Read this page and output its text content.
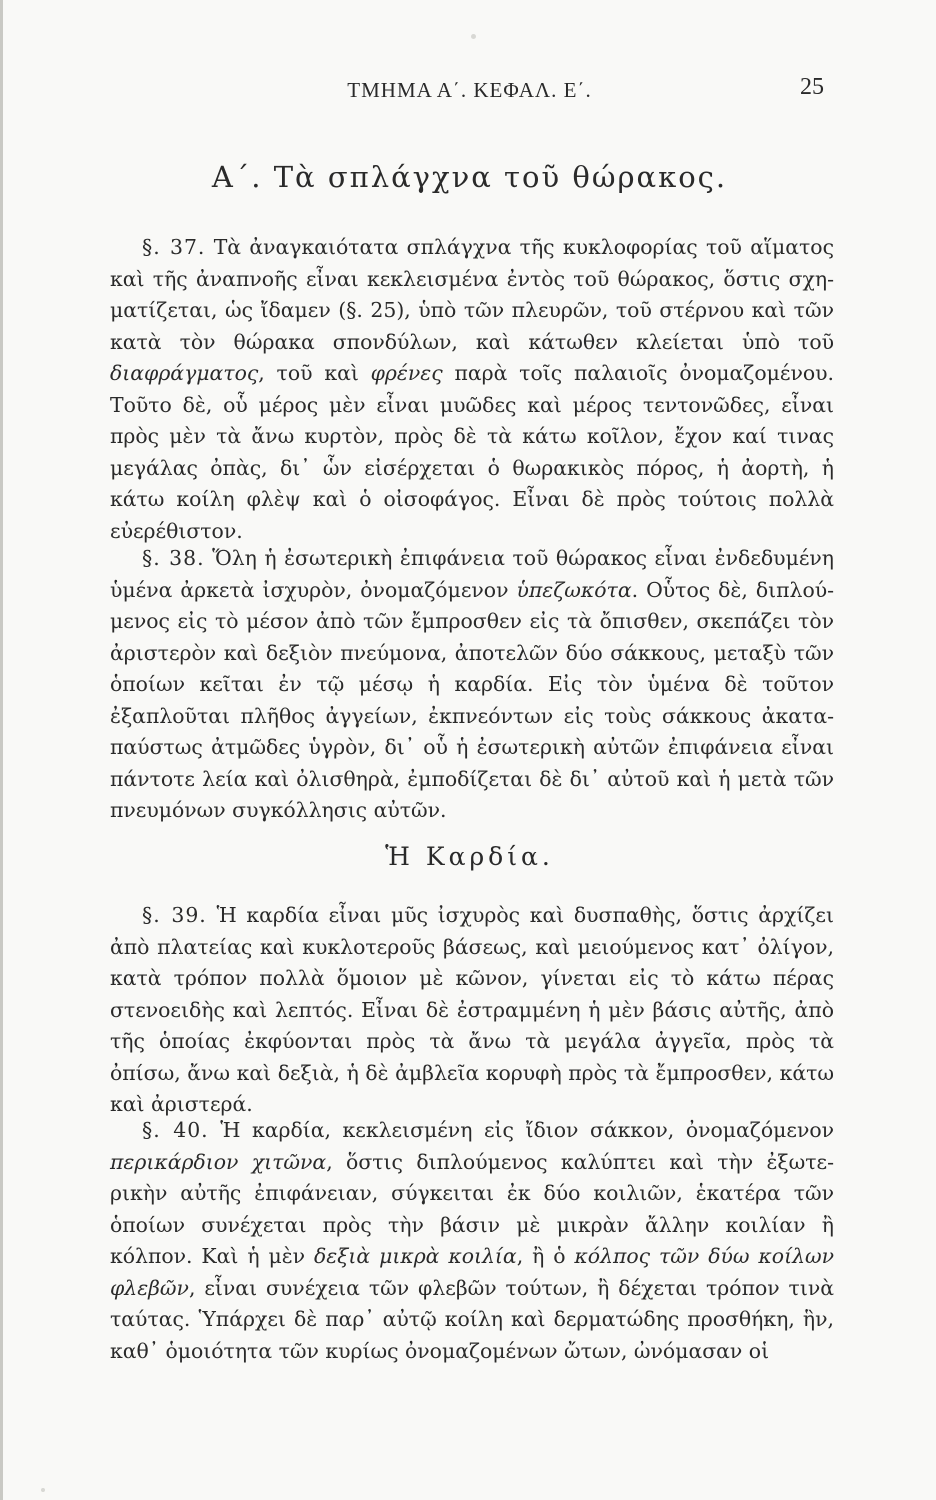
ΤΜΗΜΑ Α΄. ΚΕΦΑΛ. Ε΄.	25
Α΄. Τὰ σπλάγχνα τοῦ θώρακος.

§. 37. Τὰ ἀναγκαιότατα σπλάγχνα τῆς κυκλοφορίας τοῦ αἵματος καὶ τῆς ἀναπνοῆς εἶναι κεκλεισμένα ἐντὸς τοῦ θώρακος, ὅστις σχηματίζεται, ὡς ἴδαμεν (§. 25), ὑπὸ τῶν πλευρῶν, τοῦ στέρνου καὶ τῶν κατὰ τὸν θώρακα σπονδύλων, καὶ κάτωθεν κλείεται ὑπὸ τοῦ διαφράγματος, τοῦ καὶ φρένες παρὰ τοῖς παλαιοῖς ὀνομαζομένου. Τοῦτο δὲ, οὗ μέρος μὲν εἶναι μυῶδες καὶ μέρος τεντονῶδες, εἶναι πρὸς μὲν τὰ ἄνω κυρτὸν, πρὸς δὲ τὰ κάτω κοῖλον, ἔχον καί τινας μεγάλας ὀπὰς, δι᾽ ὧν εἰσέρχεται ὁ θωρακικὸς πόρος, ἡ ἀορτὴ, ἡ κάτω κοίλη φλὲψ καὶ ὁ οἰσοφάγος. Εἶναι δὲ πρὸς τούτοις πολλὰ εὐερέθιστον.

§. 38. Ὅλη ἡ ἐσωτερικὴ ἐπιφάνεια τοῦ θώρακος εἶναι ἐνδεδυμένη ὑμένα ἀρκετὰ ἰσχυρὸν, ὀνομαζόμενον ὑπεζωκότα. Οὗτος δὲ, διπλούμενος εἰς τὸ μέσον ἀπὸ τῶν ἔμπροσθεν εἰς τὰ ὄπισθεν, σκεπάζει τὸν ἀριστερὸν καὶ δεξιὸν πνεύμονα, ἀποτελῶν δύο σάκκους, μεταξὺ τῶν ὁποίων κεῖται ἐν τῷ μέσῳ ἡ καρδία. Εἰς τὸν ὑμένα δὲ τοῦτον ἐξαπλοῦται πλῆθος ἀγγείων, ἐκπνεόντων εἰς τοὺς σάκκους ἀκαταπαύστως ἀτμῶδες ὑγρὸν, δι᾽ οὗ ἡ ἐσωτερικὴ αὐτῶν ἐπιφάνεια εἶναι πάντοτε λεία καὶ ὀλισθηρὰ, ἐμποδίζεται δὲ δι᾽ αὐτοῦ καὶ ἡ μετὰ τῶν πνευμόνων συγκόλλησις αὐτῶν.

Ἡ Καρδία.

§. 39. Ἡ καρδία εἶναι μῦς ἰσχυρὸς καὶ δυσπαθὴς, ὅστις ἀρχίζει ἀπὸ πλατείας καὶ κυκλοτεροῦς βάσεως, καὶ μειούμενος κατ᾽ ὀλίγον, κατὰ τρόπον πολλὰ ὅμοιον μὲ κῶνον, γίνεται εἰς τὸ κάτω πέρας στενοειδὴς καὶ λεπτός. Εἶναι δὲ ἐστραμμένη ἡ μὲν βάσις αὐτῆς, ἀπὸ τῆς ὁποίας ἐκφύονται πρὸς τὰ ἄνω τὰ μεγάλα ἀγγεῖα, πρὸς τὰ ὀπίσω, ἄνω καὶ δεξιὰ, ἡ δὲ ἀμβλεῖα κορυφὴ πρὸς τὰ ἔμπροσθεν, κάτω καὶ ἀριστερά.

§. 40. Ἡ καρδία, κεκλεισμένη εἰς ἴδιον σάκκον, ὀνομαζόμενον περικάρδιον χιτῶνα, ὅστις διπλούμενος καλύπτει καὶ τὴν ἐξωτερικὴν αὐτῆς ἐπιφάνειαν, σύγκειται ἐκ δύο κοιλιῶν, ἑκατέρα τῶν ὁποίων συνέχεται πρὸς τὴν βάσιν μὲ μικρὰν ἄλλην κοιλίαν ἢ κόλπον. Καὶ ἡ μὲν δεξιὰ μικρὰ κοιλία, ἢ ὁ κόλπος τῶν δύω κοίλων φλεβῶν, εἶναι συνέχεια τῶν φλεβῶν τούτων, ἢ δέχεται τρόπον τινὰ ταύτας. Ὑπάρχει δὲ παρ᾽ αὐτῷ κοίλη καὶ δερματώδης προσθήκη, ἣν, καθ᾽ ὁμοιότητα τῶν κυρίως ὀνομαζομένων ὤτων, ὠνόμασαν οἱ
